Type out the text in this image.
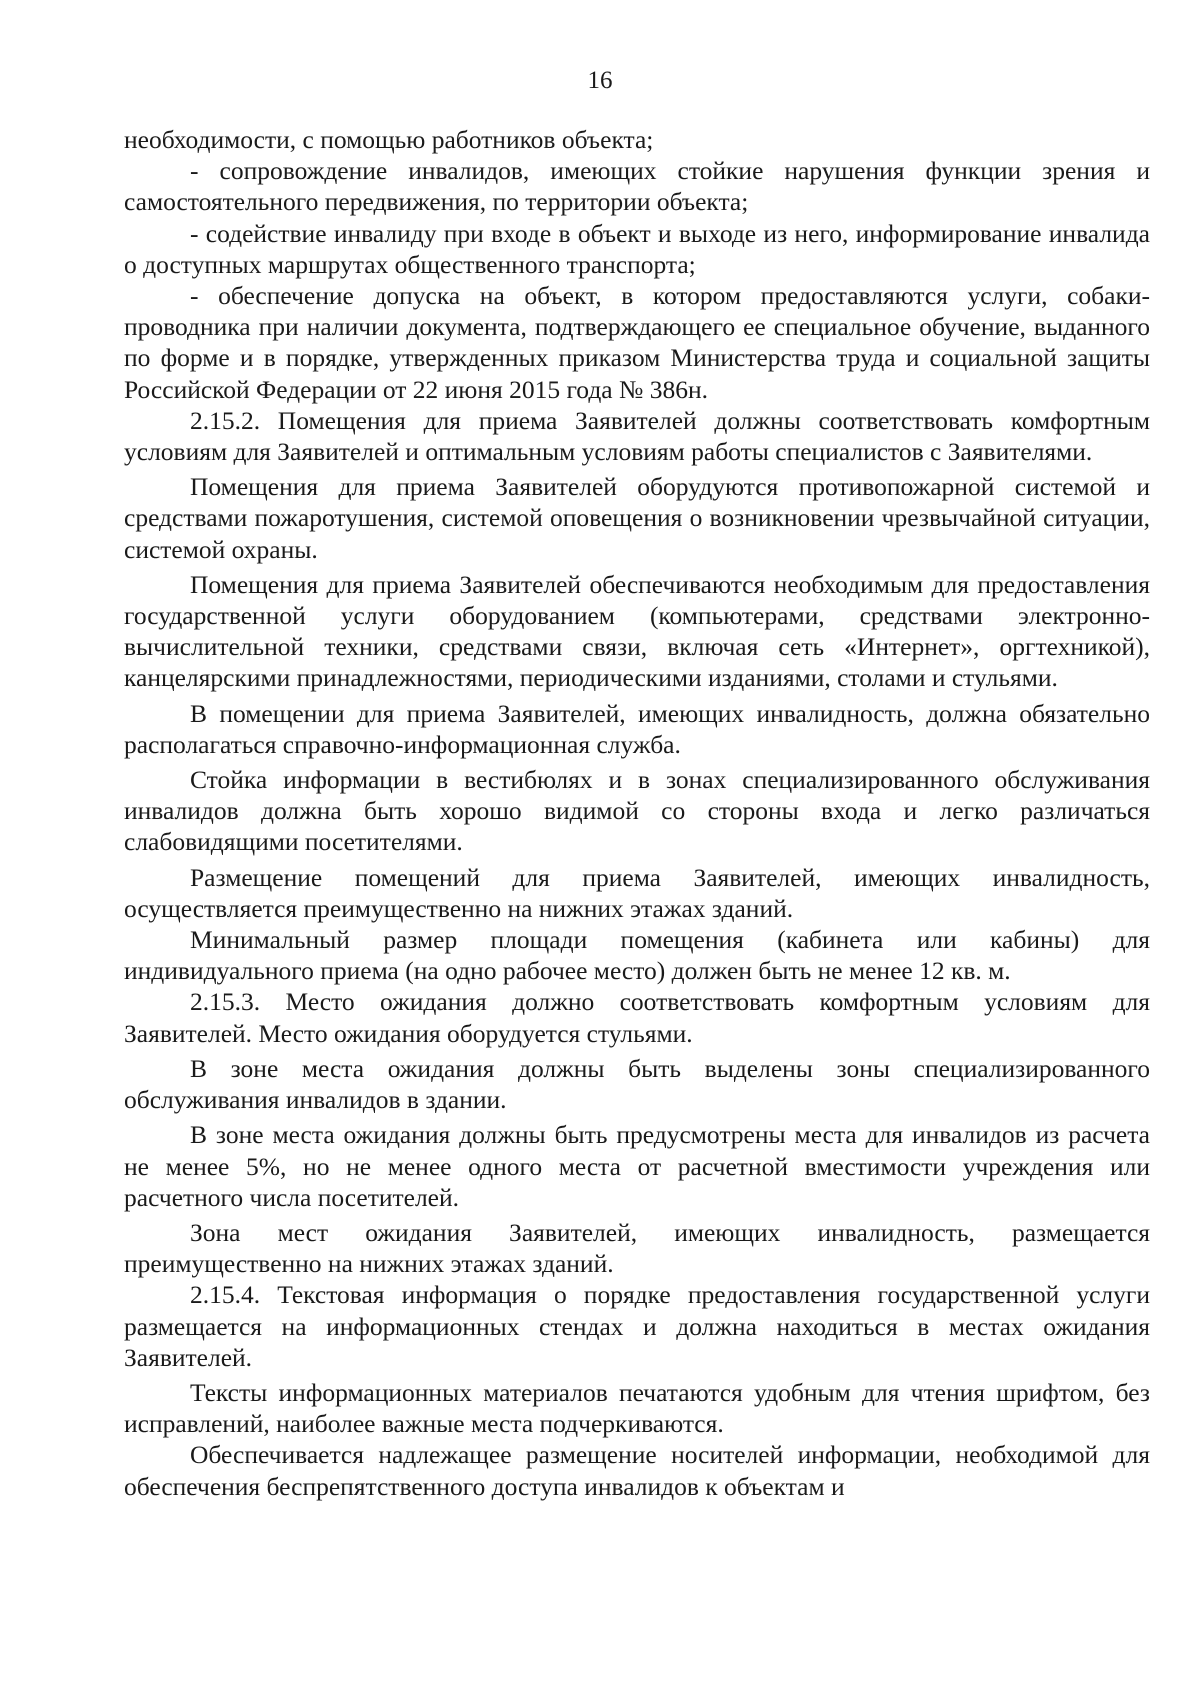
16

необходимости, с помощью работников объекта;

- сопровождение инвалидов, имеющих стойкие нарушения функции зрения и самостоятельного передвижения, по территории объекта;

- содействие инвалиду при входе в объект и выходе из него, информирование инвалида о доступных маршрутах общественного транспорта;

- обеспечение допуска на объект, в котором предоставляются услуги, собаки-проводника при наличии документа, подтверждающего ее специальное обучение, выданного по форме и в порядке, утвержденных приказом Министерства труда и социальной защиты Российской Федерации от 22 июня 2015 года № 386н.

2.15.2. Помещения для приема Заявителей должны соответствовать комфортным условиям для Заявителей и оптимальным условиям работы специалистов с Заявителями.

Помещения для приема Заявителей оборудуются противопожарной системой и средствами пожаротушения, системой оповещения о возникновении чрезвычайной ситуации, системой охраны.

Помещения для приема Заявителей обеспечиваются необходимым для предоставления государственной услуги оборудованием (компьютерами, средствами электронно-вычислительной техники, средствами связи, включая сеть «Интернет», оргтехникой), канцелярскими принадлежностями, периодическими изданиями, столами и стульями.

В помещении для приема Заявителей, имеющих инвалидность, должна обязательно располагаться справочно-информационная служба.

Стойка информации в вестибюлях и в зонах специализированного обслуживания инвалидов должна быть хорошо видимой со стороны входа и легко различаться слабовидящими посетителями.

Размещение помещений для приема Заявителей, имеющих инвалидность, осуществляется преимущественно на нижних этажах зданий.

Минимальный размер площади помещения (кабинета или кабины) для индивидуального приема (на одно рабочее место) должен быть не менее 12 кв. м.

2.15.3. Место ожидания должно соответствовать комфортным условиям для Заявителей. Место ожидания оборудуется стульями.

В зоне места ожидания должны быть выделены зоны специализированного обслуживания инвалидов в здании.

В зоне места ожидания должны быть предусмотрены места для инвалидов из расчета не менее 5%, но не менее одного места от расчетной вместимости учреждения или расчетного числа посетителей.

Зона мест ожидания Заявителей, имеющих инвалидность, размещается преимущественно на нижних этажах зданий.

2.15.4. Текстовая информация о порядке предоставления государственной услуги размещается на информационных стендах и должна находиться в местах ожидания Заявителей.

Тексты информационных материалов печатаются удобным для чтения шрифтом, без исправлений, наиболее важные места подчеркиваются.

Обеспечивается надлежащее размещение носителей информации, необходимой для обеспечения беспрепятственного доступа инвалидов к объектам и
